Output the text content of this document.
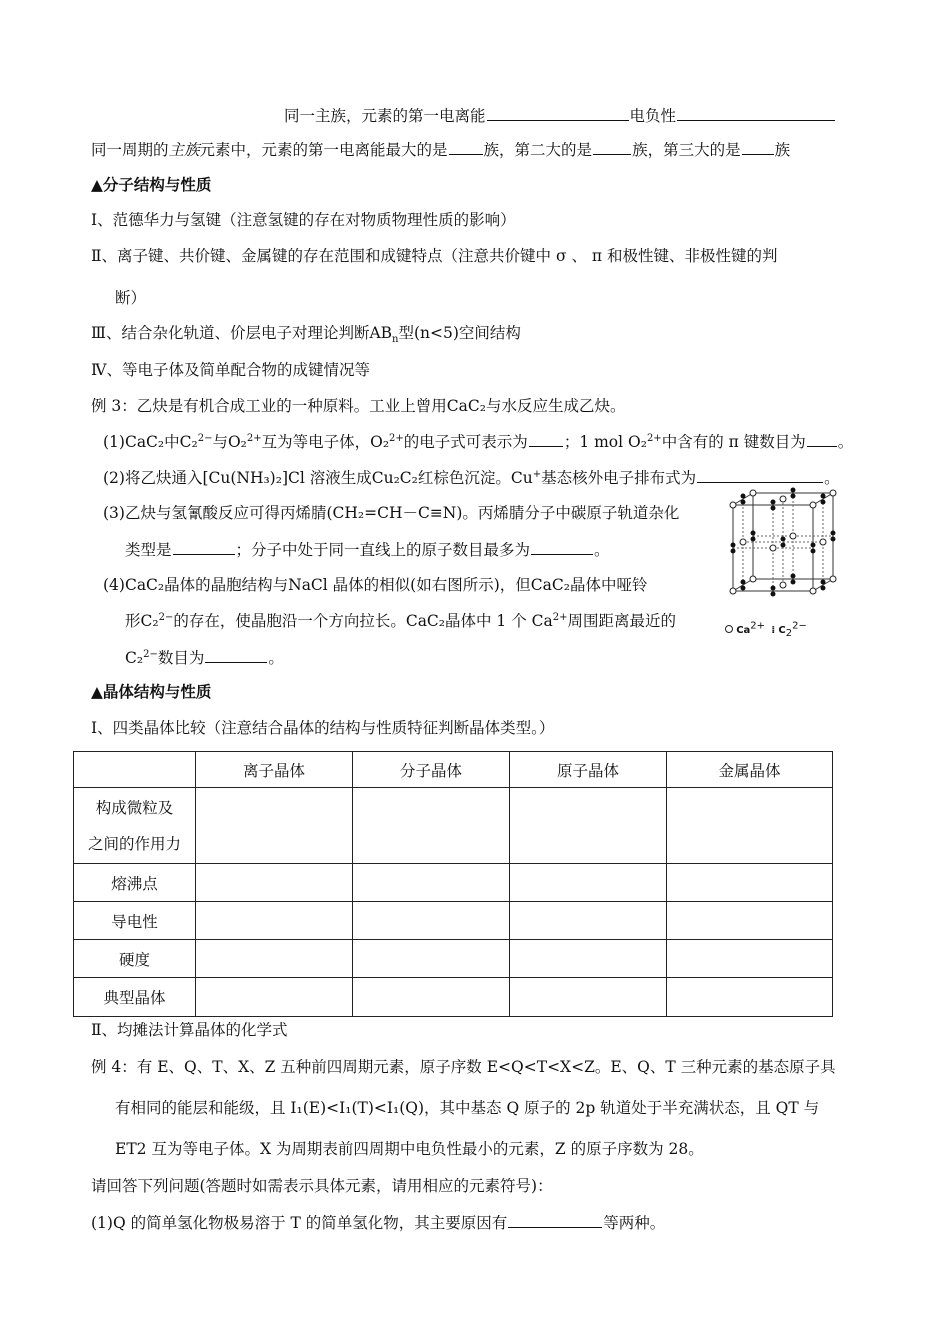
同一主族，元素的第一电离能	电负性
同一周期的主族元素中，元素的第一电离能最大的是 族，第二大的是	族，第三大的是 族
▲分子结构与性质
Ⅰ、范德华力与氢键（注意氢键的存在对物质物理性质的影响）
Ⅱ、离子键、共价键、金属键的存在范围和成键特点（注意共价键中 σ 、 π 和极性键、非极性键的判
断）
Ⅲ、结合杂化轨道、价层电子对理论判断$AB_n$型(n<5)空间结构
Ⅳ、等电子体及简单配合物的成键情况等
例 3：乙炔是有机合成工业的一种原料。工业上曾用CaC₂与水反应生成乙炔。
(1)CaC₂中C₂$^{2-}$与O₂$^{2+}$互为等电子体，O₂$^{2+}$的电子式可表示为 ；1 mol O₂$^{2+}$中含有的 π 键数目为 。
(2)将乙炔通入[Cu(NH₃)₂]Cl 溶液生成Cu₂C₂红棕色沉淀。Cu+基态核外电子排布式为	。
(3)乙炔与氢氰酸反应可得丙烯腈(CH₂=CH－C≡N)。丙烯腈分子中碳原子轨道杂化
类型是	；分子中处于同一直线上的原子数目最多为	。
(4)CaC₂晶体的晶胞结构与NaCl 晶体的相似(如右图所示)，但CaC₂晶体中哑铃
形C₂$^{2-}$的存在，使晶胞沿一个方向拉长。CaC₂晶体中 1 个 $Ca^{2+}$周围距离最近的
C₂$^{2-}$数目为	。
$Ca^{2+}$ ⁞ $C_2^{2-}$
▲晶体结构与性质
Ⅰ、四类晶体比较（注意结合晶体的结构与性质特征判断晶体类型。）
	离子晶体	分子晶体	原子晶体	金属晶体
构成微粒及
之间的作用力				
熔沸点				
导电性				
硬度				
典型晶体				
Ⅱ、均摊法计算晶体的化学式
例 4：有 E、Q、T、X、Z 五种前四周期元素，原子序数 E<Q<T<X<Z。E、Q、T 三种元素的基态原子具
有相同的能层和能级，且 I₁(E)<I₁(T)<I₁(Q)，其中基态 Q 原子的 2p 轨道处于半充满状态，且 QT 与
ET2 互为等电子体。X 为周期表前四周期中电负性最小的元素，Z 的原子序数为 28。
请回答下列问题(答题时如需表示具体元素，请用相应的元素符号)：
(1)Q 的简单氢化物极易溶于 T 的简单氢化物，其主要原因有	等两种。
